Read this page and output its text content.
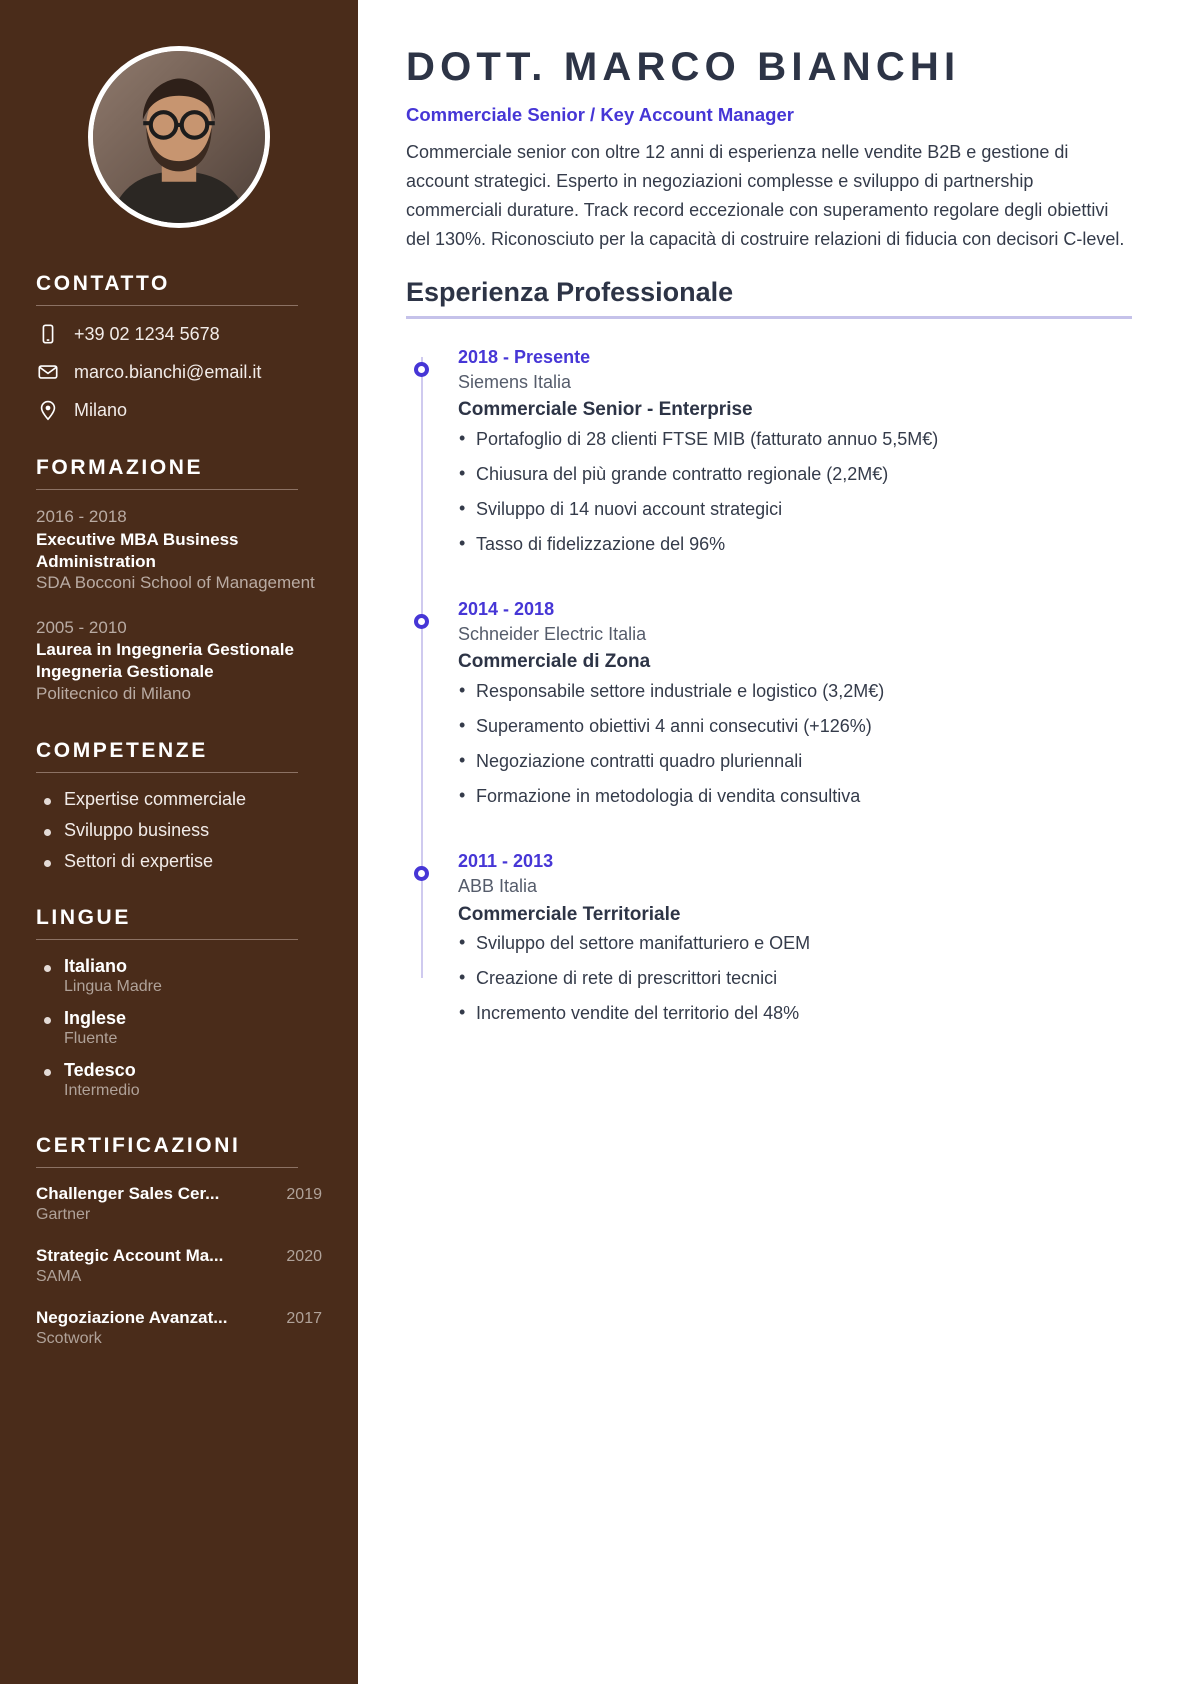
CONTATTO
+39 02 1234 5678
marco.bianchi@email.it
Milano
FORMAZIONE
2016 - 2018
Executive MBA Business Administration
SDA Bocconi School of Management
2005 - 2010
Laurea in Ingegneria Gestionale Ingegneria Gestionale
Politecnico di Milano
COMPETENZE
Expertise commerciale
Sviluppo business
Settori di expertise
LINGUE
Italiano
Lingua Madre
Inglese
Fluente
Tedesco
Intermedio
CERTIFICAZIONI
Challenger Sales Cer...	2019
Gartner
Strategic Account Ma...	2020
SAMA
Negoziazione Avanzat...	2017
Scotwork
DOTT. MARCO BIANCHI
Commerciale Senior / Key Account Manager

Commerciale senior con oltre 12 anni di esperienza nelle vendite B2B e gestione di account strategici. Esperto in negoziazioni complesse e sviluppo di partnership commerciali durature. Track record eccezionale con superamento regolare degli obiettivi del 130%. Riconosciuto per la capacità di costruire relazioni di fiducia con decisori C-level.

Esperienza Professionale
2018 - Presente
Siemens Italia
Commerciale Senior - Enterprise
• Portafoglio di 28 clienti FTSE MIB (fatturato annuo 5,5M€)
• Chiusura del più grande contratto regionale (2,2M€)
• Sviluppo di 14 nuovi account strategici
• Tasso di fidelizzazione del 96%
2014 - 2018
Schneider Electric Italia
Commerciale di Zona
• Responsabile settore industriale e logistico (3,2M€)
• Superamento obiettivi 4 anni consecutivi (+126%)
• Negoziazione contratti quadro pluriennali
• Formazione in metodologia di vendita consultiva
2011 - 2013
ABB Italia
Commerciale Territoriale
• Sviluppo del settore manifatturiero e OEM
• Creazione di rete di prescrittori tecnici
• Incremento vendite del territorio del 48%
